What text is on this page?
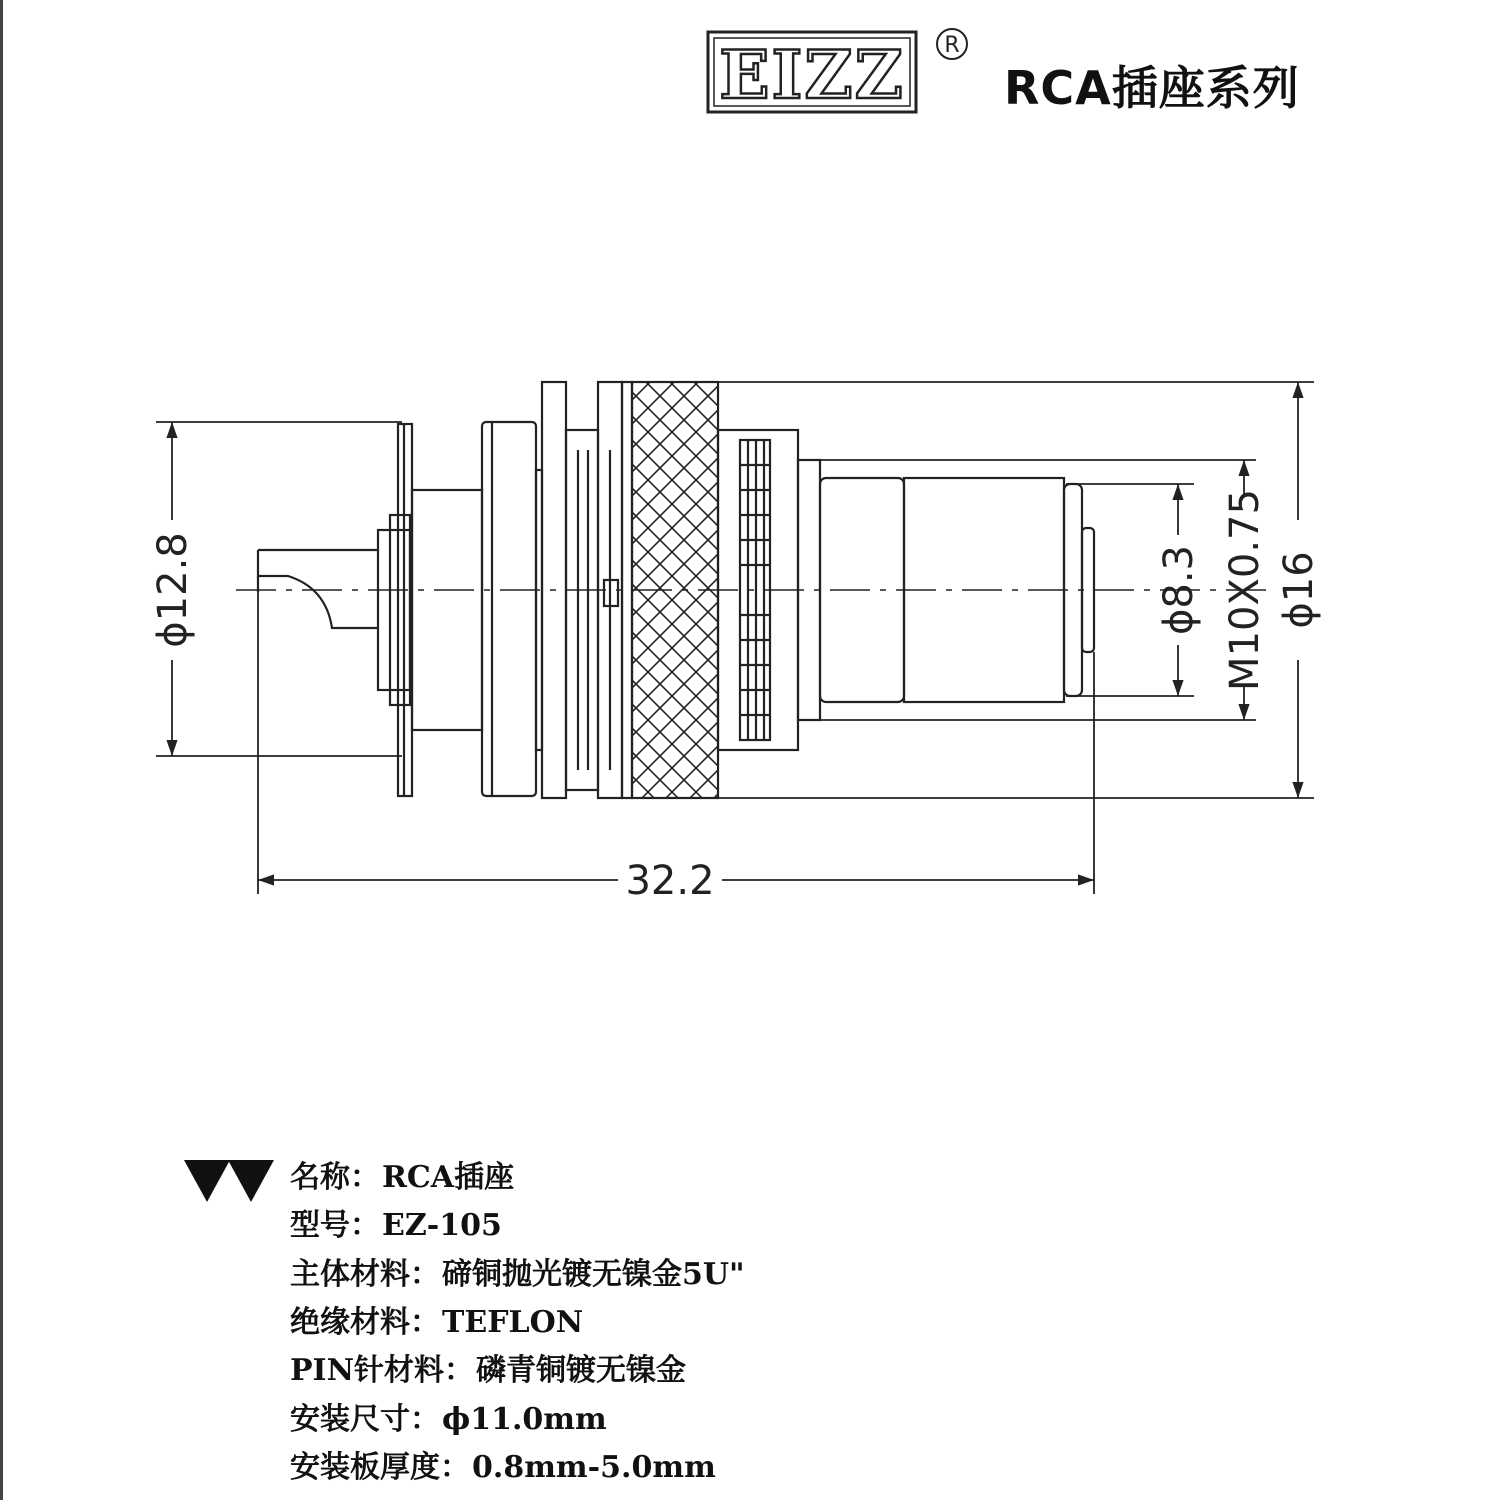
EIZZ R
RCA插座系列
ϕ12.8	ϕ16
M10X0.75
ϕ8.3
32.2
名称：RCA插座
型号：EZ-105
主体材料：碲铜抛光镀无镍金5U"
绝缘材料：TEFLON
PIN针材料：磷青铜镀无镍金
安装尺寸：ϕ11.0mm
安装板厚度：0.8mm-5.0mm
